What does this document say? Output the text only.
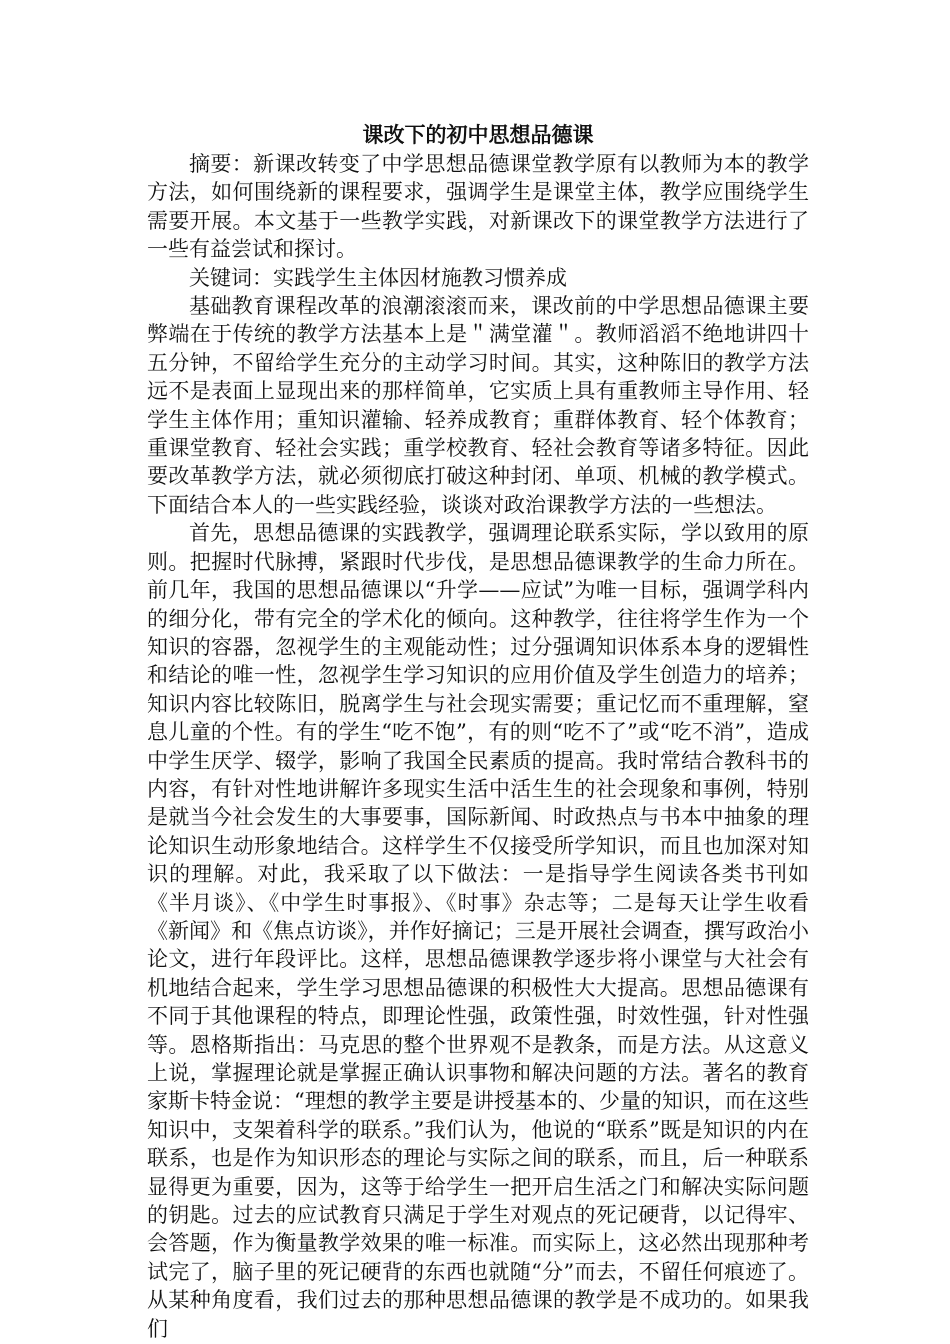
课改下的初中思想品德课

摘要：新课改转变了中学思想品德课堂教学原有以教师为本的教学方法，如何围绕新的课程要求，强调学生是课堂主体，教学应围绕学生需要开展。本文基于一些教学实践，对新课改下的课堂教学方法进行了一些有益尝试和探讨。

关键词：实践学生主体因材施教习惯养成

基础教育课程改革的浪潮滚滚而来，课改前的中学思想品德课主要弊端在于传统的教学方法基本上是＂满堂灌＂。教师滔滔不绝地讲四十五分钟，不留给学生充分的主动学习时间。其实，这种陈旧的教学方法远不是表面上显现出来的那样简单，它实质上具有重教师主导作用、轻学生主体作用；重知识灌输、轻养成教育；重群体教育、轻个体教育；重课堂教育、轻社会实践；重学校教育、轻社会教育等诸多特征。因此要改革教学方法，就必须彻底打破这种封闭、单项、机械的教学模式。下面结合本人的一些实践经验，谈谈对政治课教学方法的一些想法。

首先，思想品德课的实践教学，强调理论联系实际，学以致用的原则。把握时代脉搏，紧跟时代步伐，是思想品德课教学的生命力所在。前几年，我国的思想品德课以“升学——应试”为唯一目标，强调学科内的细分化，带有完全的学术化的倾向。这种教学，往往将学生作为一个知识的容器，忽视学生的主观能动性；过分强调知识体系本身的逻辑性和结论的唯一性，忽视学生学习知识的应用价值及学生创造力的培养；知识内容比较陈旧，脱离学生与社会现实需要；重记忆而不重理解，窒息儿童的个性。有的学生“吃不饱”，有的则“吃不了”或“吃不消”，造成中学生厌学、辍学，影响了我国全民素质的提高。我时常结合教科书的内容，有针对性地讲解许多现实生活中活生生的社会现象和事例，特别是就当今社会发生的大事要事，国际新闻、时政热点与书本中抽象的理论知识生动形象地结合。这样学生不仅接受所学知识，而且也加深对知识的理解。对此，我采取了以下做法：一是指导学生阅读各类书刊如《半月谈》、《中学生时事报》、《时事》杂志等；二是每天让学生收看《新闻》和《焦点访谈》，并作好摘记；三是开展社会调查，撰写政治小论文，进行年段评比。这样，思想品德课教学逐步将小课堂与大社会有机地结合起来，学生学习思想品德课的积极性大大提高。思想品德课有不同于其他课程的特点，即理论性强，政策性强，时效性强，针对性强等。恩格斯指出：马克思的整个世界观不是教条，而是方法。从这意义上说，掌握理论就是掌握正确认识事物和解决问题的方法。著名的教育家斯卡特金说：“理想的教学主要是讲授基本的、少量的知识，而在这些知识中，支架着科学的联系。”我们认为，他说的“联系”既是知识的内在联系，也是作为知识形态的理论与实际之间的联系，而且，后一种联系显得更为重要，因为，这等于给学生一把开启生活之门和解决实际问题的钥匙。过去的应试教育只满足于学生对观点的死记硬背，以记得牢、会答题，作为衡量教学效果的唯一标准。而实际上，这必然出现那种考试完了，脑子里的死记硬背的东西也就随“分”而去，不留任何痕迹了。从某种角度看，我们过去的那种思想品德课的教学是不成功的。如果我们
